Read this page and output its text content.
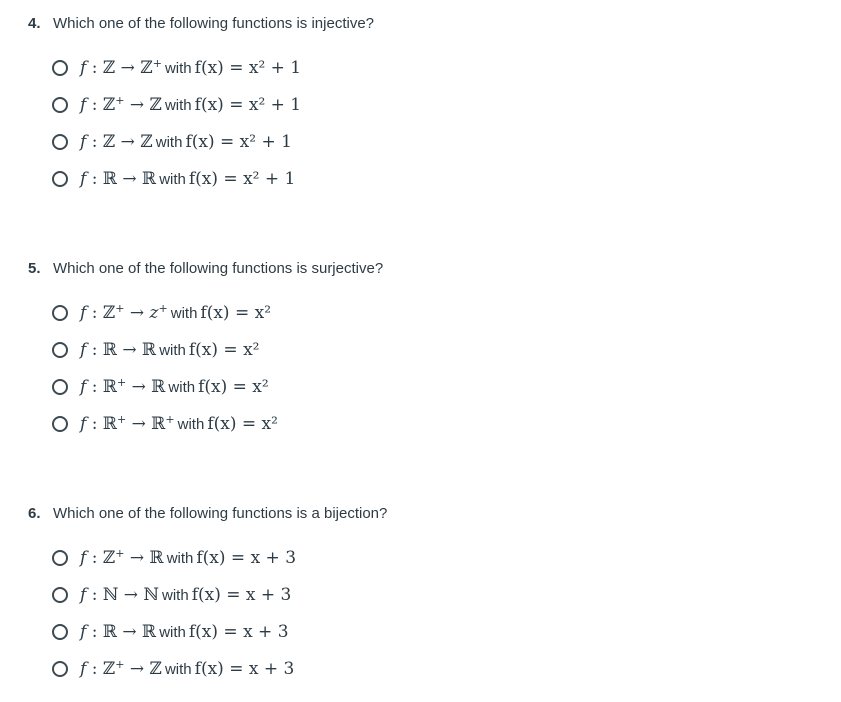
4. Which one of the following functions is injective?
f : ℤ → ℤ+ with f(x) = x² + 1
f : ℤ+ → ℤ with f(x) = x² + 1
f : ℤ → ℤ with f(x) = x² + 1
f : ℝ → ℝ with f(x) = x² + 1
5. Which one of the following functions is surjective?
f : ℤ+ → z+ with f(x) = x²
f : ℝ → ℝ with f(x) = x²
f : ℝ+ → ℝ with f(x) = x²
f : ℝ+ → ℝ+ with f(x) = x²
6. Which one of the following functions is a bijection?
f : ℤ+ → ℝ with f(x) = x + 3
f : ℕ → ℕ with f(x) = x + 3
f : ℝ → ℝ with f(x) = x + 3
f : ℤ+ → ℤ with f(x) = x + 3
